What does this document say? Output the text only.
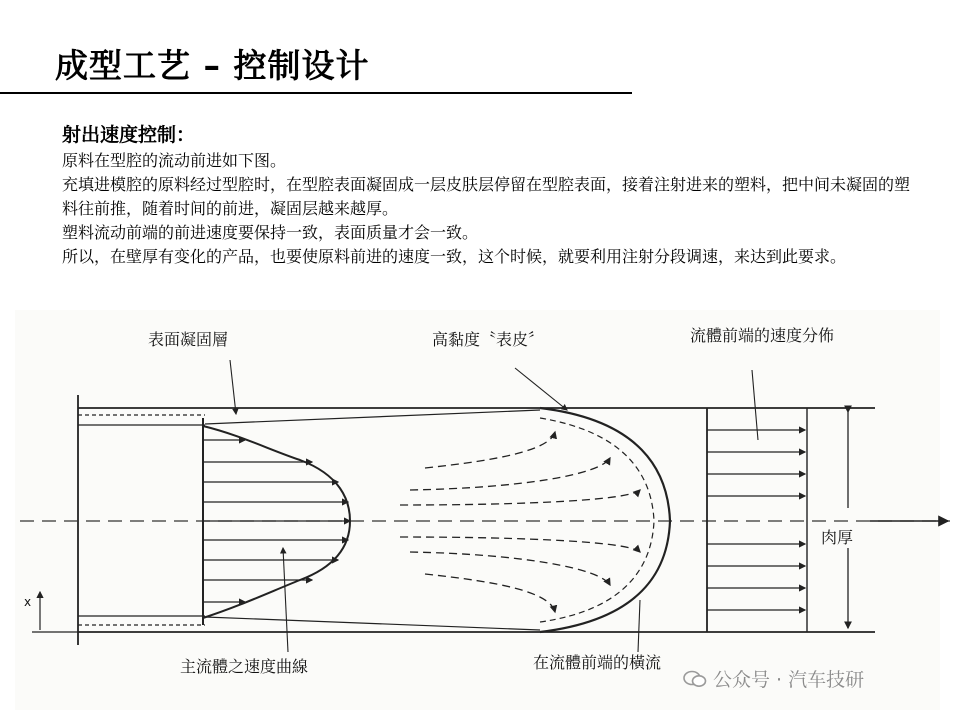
成型工艺 – 控制设计
射出速度控制：
原料在型腔的流动前进如下图。
充填进模腔的原料经过型腔时，在型腔表面凝固成一层皮肤层停留在型腔表面，接着注射进来的塑料，把中间未凝固的塑料往前推，随着时间的前进，凝固层越来越厚。
塑料流动前端的前进速度要保持一致，表面质量才会一致。
所以，在壁厚有变化的产品，也要使原料前进的速度一致，这个时候，就要利用注射分段调速，来达到此要求。
表面凝固層	高黏度〝表皮〞	流體前端的速度分佈
肉厚
主流體之速度曲線	在流體前端的橫流
x
公众号 · 汽车技研
